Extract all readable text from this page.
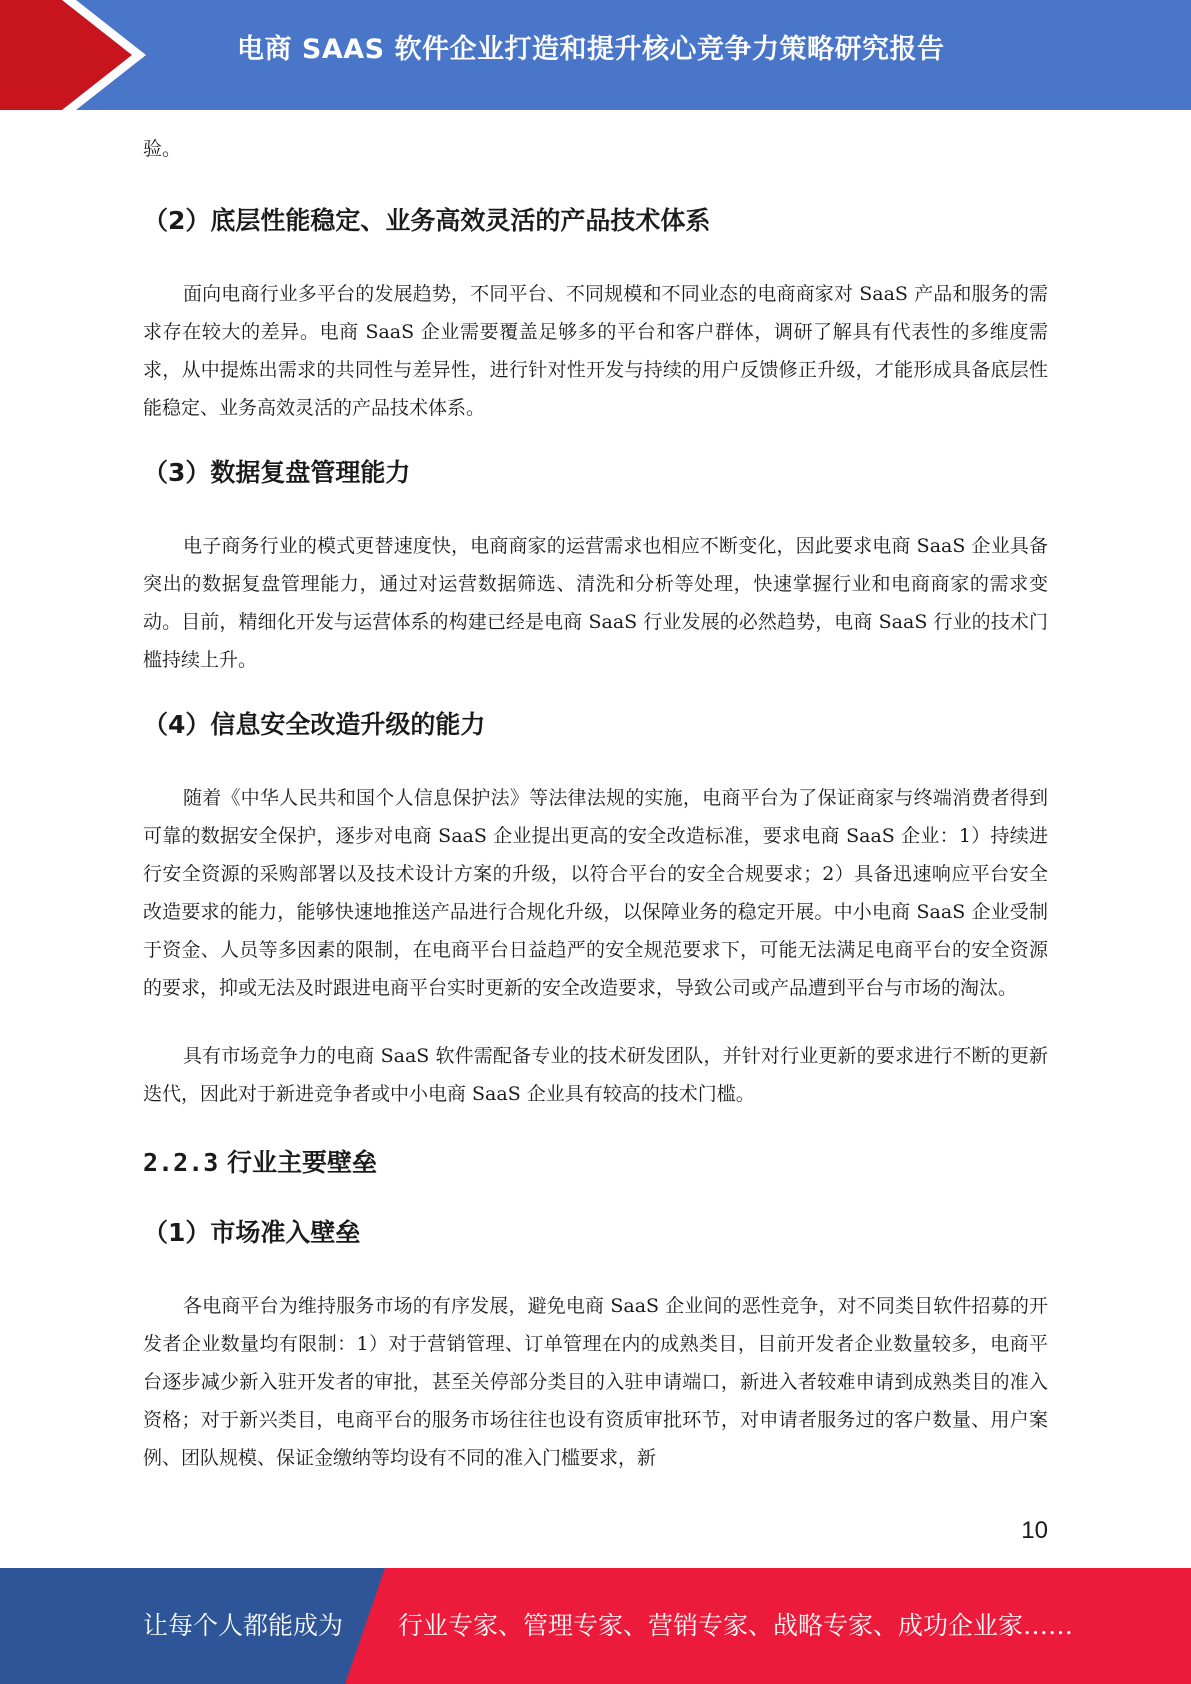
电商 SAAS 软件企业打造和提升核心竞争力策略研究报告

验。

（2）底层性能稳定、业务高效灵活的产品技术体系

面向电商行业多平台的发展趋势，不同平台、不同规模和不同业态的电商商家对 SaaS 产品和服务的需求存在较大的差异。电商 SaaS 企业需要覆盖足够多的平台和客户群体，调研了解具有代表性的多维度需求，从中提炼出需求的共同性与差异性，进行针对性开发与持续的用户反馈修正升级，才能形成具备底层性能稳定、业务高效灵活的产品技术体系。

（3）数据复盘管理能力

电子商务行业的模式更替速度快，电商商家的运营需求也相应不断变化，因此要求电商 SaaS 企业具备突出的数据复盘管理能力，通过对运营数据筛选、清洗和分析等处理，快速掌握行业和电商商家的需求变动。目前，精细化开发与运营体系的构建已经是电商 SaaS 行业发展的必然趋势，电商 SaaS 行业的技术门槛持续上升。

（4）信息安全改造升级的能力

随着《中华人民共和国个人信息保护法》等法律法规的实施，电商平台为了保证商家与终端消费者得到可靠的数据安全保护，逐步对电商 SaaS 企业提出更高的安全改造标准，要求电商 SaaS 企业：1）持续进行安全资源的采购部署以及技术设计方案的升级，以符合平台的安全合规要求；2）具备迅速响应平台安全改造要求的能力，能够快速地推送产品进行合规化升级，以保障业务的稳定开展。中小电商 SaaS 企业受制于资金、人员等多因素的限制，在电商平台日益趋严的安全规范要求下，可能无法满足电商平台的安全资源的要求，抑或无法及时跟进电商平台实时更新的安全改造要求，导致公司或产品遭到平台与市场的淘汰。

具有市场竞争力的电商 SaaS 软件需配备专业的技术研发团队，并针对行业更新的要求进行不断的更新迭代，因此对于新进竞争者或中小电商 SaaS 企业具有较高的技术门槛。

2.2.3 行业主要壁垒
（1）市场准入壁垒

各电商平台为维持服务市场的有序发展，避免电商 SaaS 企业间的恶性竞争，对不同类目软件招募的开发者企业数量均有限制：1）对于营销管理、订单管理在内的成熟类目，目前开发者企业数量较多，电商平台逐步减少新入驻开发者的审批，甚至关停部分类目的入驻申请端口，新进入者较难申请到成熟类目的准入资格；对于新兴类目，电商平台的服务市场往往也设有资质审批环节，对申请者服务过的客户数量、用户案例、团队规模、保证金缴纳等均设有不同的准入门槛要求，新

10
让每个人都能成为 行业专家、管理专家、营销专家、战略专家、成功企业家……
